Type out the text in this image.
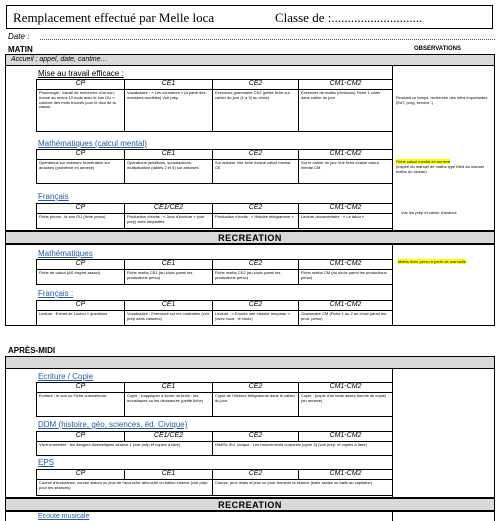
Remplacement effectué par Melle loca	Classe de :............................
Date :
MATIN	OBSERVATIONS
Accueil ; appel, date, cantine…
Mise au travail efficace :
CP	CE1	CE2	CM1-CM2
Phonologie : travail de recherche d'un son, trouve au moins 10 mots avec le son OU « collecte des mots trouvés pour le dico de la classe.	Vocabulaire : « Les contraires » (à partir des monstres-modèles) Voir prép	Exercices grammaire CE2 (petite fiche sur cahier du jour (1 à 3) au choix)	Exercices de maths (révisions) Fiche 1 coller dans cahier du jour	Pendant ce temps, recherche des infos importantes (EdT, prog, service..)
Mathématiques (calcul mental)
CP	CE1	CE2	CM1-CM2
Opérations sur ardoises Numération sur ardoises (problème en annexe)	Opérations (additions, soustractions, multiplication (tables 2 et 5) sur ardoises	Sur ardoise Voir fiche évalué calcul mental CE	Sur le cahier du jour Voir fiche évalué calcul mental CM
Fiche calcul mental en annexe
(inspiré du manuel de maths type Bled au manuel maths du niveau)
Français
CP	CE1/CE2	CE2	CM1-CM2
Fiche phono : le son OU (fiche perso)	Production d'écrits : « Jeux d'écriture » (voir prép) avec étiquettes	Production d'écrits : « Histoire télégramme »	Lecture documentaire : « Le tatou »
Voir les prép et cahier d'avance
RECREATION
Mathématiques
CP	CE1	CE2	CM1-CM2
Fiche de calcul (AS inspiré associ)	Fiche maths CE1 (au choix parmi les productions perso)	Fiche maths CE2 (au choix parmi les productions perso)	Fiche maths CM (au choix parmi les productions perso)
Maths fiche perso à partir de manuelle
Français :
CP	CE1	CE2	CM1-CM2
Lecture : Extrait de Loulou « questions	Vocabulaire : Exercices sur les contraires (voir prép dans classeur)	Lecture : « Encore une histoire troupeau » (avec voca ; le choix)	Grammaire CM (Fiche 1 au 2 au choix parmi les prod. perso)
APRÈS-MIDI
Ecriture / Copie
CP	CE1	CE2	CM1-CM2
Ecriture : le son ou Fiche cursivéécole	Copie : s'appliquer à écrire un texte : les moustiques ou les dinosaures (petite fiche)	Copie de l'histoire télégramme dans le cahier du jour	Copie : (copie d'un texte assez fournis de copie) (en annexe)
DDM (histoire, géo, sciences, éd. Civique)
CP	CE1/CE2	CE2	CM1-CM2
Vivre ensemble : les dangers domestiques séance 1 (voir prép et copies à faire)		Hist/Sc /Ed. civique : Les mouvements corporels (cycle 3) (voir prép. et copies à faire)	
EPS
CP	CE1	CE2	CM1-CM2
Course d'endurance, course slalom ou jeux de l'accroche-décroche ou ballon inservé (voir prép pour les séances)		Course, jeux relais et jeux co pour terminer la séance (balle assise ou balle au capitaine)	
RECREATION
Ecoute musicale
